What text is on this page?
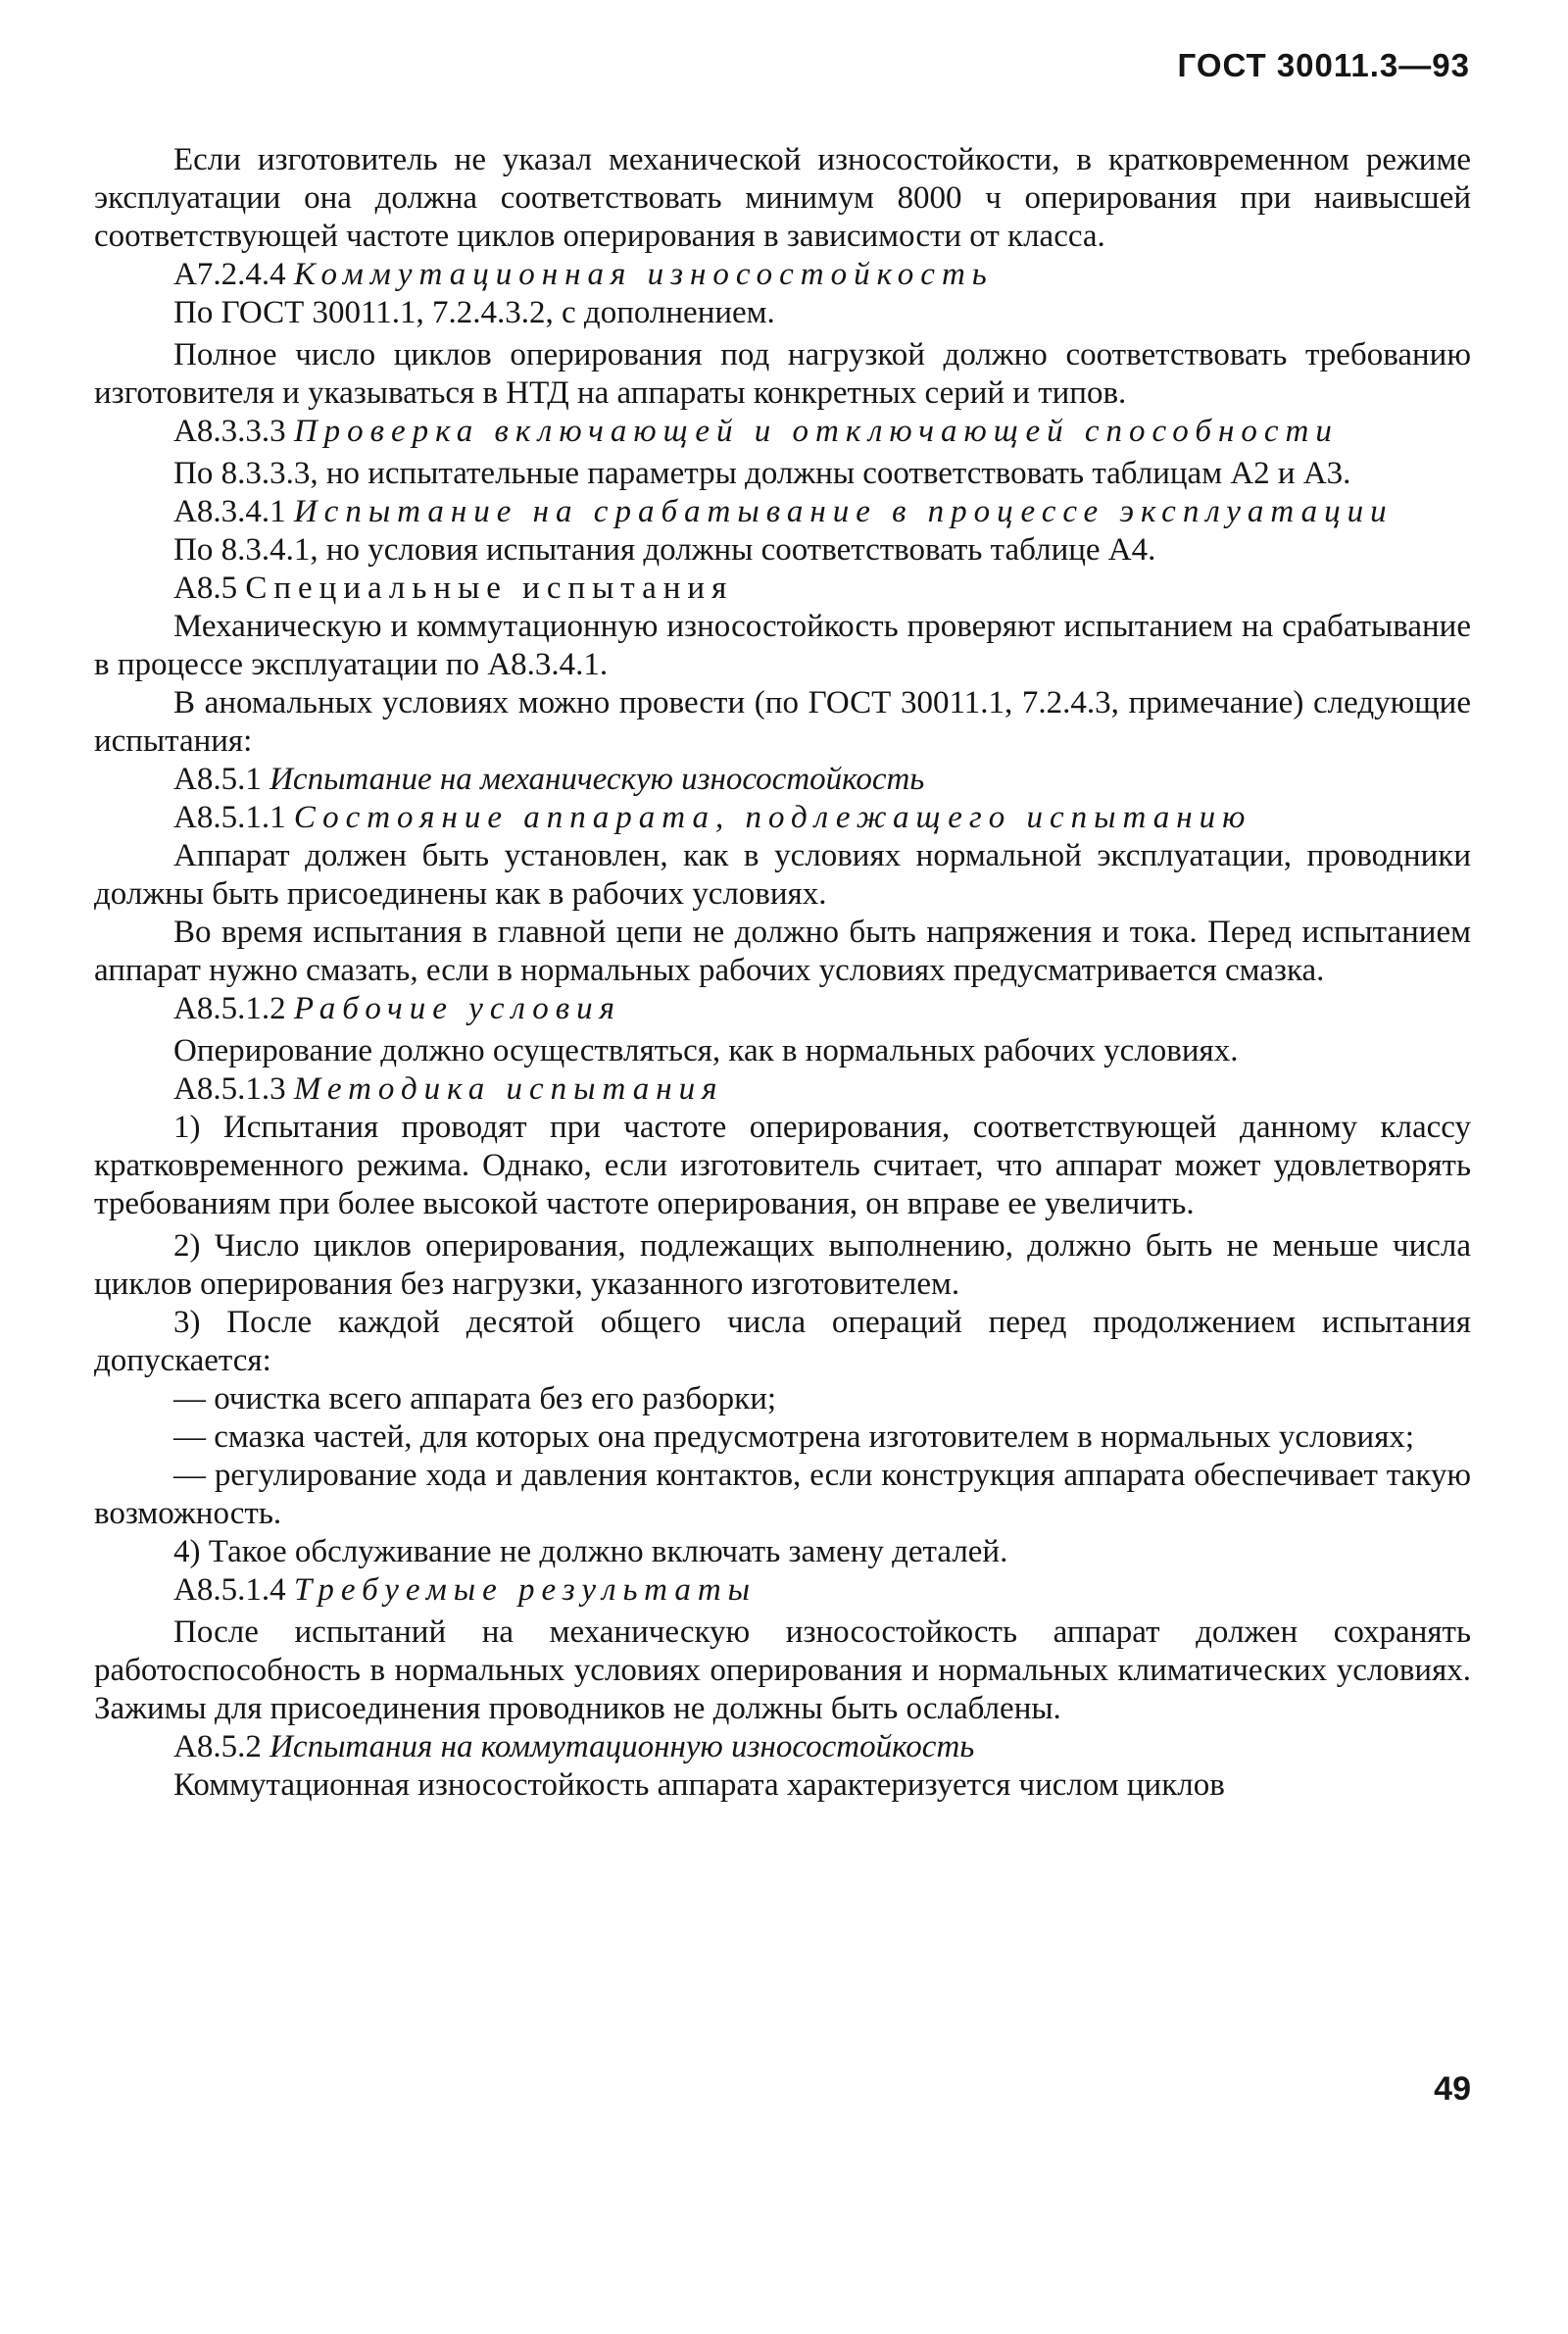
ГОСТ 30011.3—93

Если изготовитель не указал механической износостойкости, в кратковременном режиме эксплуатации она должна соответствовать минимум 8000 ч оперирования при наивысшей соответствующей частоте циклов оперирования в зависимости от класса.

А7.2.4.4 Коммутационная износостойкость

По ГОСТ 30011.1, 7.2.4.3.2, с дополнением.

Полное число циклов оперирования под нагрузкой должно соответствовать требованию изготовителя и указываться в НТД на аппараты конкретных серий и типов.

А8.3.3.3 Проверка включающей и отключающей способности

По 8.3.3.3, но испытательные параметры должны соответствовать таблицам А2 и А3.

А8.3.4.1 Испытание на срабатывание в процессе эксплуатации

По 8.3.4.1, но условия испытания должны соответствовать таблице А4.

А8.5 Специальные испытания

Механическую и коммутационную износостойкость проверяют испытанием на срабатывание в процессе эксплуатации по А8.3.4.1.

В аномальных условиях можно провести (по ГОСТ 30011.1, 7.2.4.3, примечание) следующие испытания:

А8.5.1 Испытание на механическую износостойкость

А8.5.1.1 Состояние аппарата, подлежащего испытанию

Аппарат должен быть установлен, как в условиях нормальной эксплуатации, проводники должны быть присоединены как в рабочих условиях.

Во время испытания в главной цепи не должно быть напряжения и тока. Перед испытанием аппарат нужно смазать, если в нормальных рабочих условиях предусматривается смазка.

А8.5.1.2 Рабочие условия

Оперирование должно осуществляться, как в нормальных рабочих условиях.

А8.5.1.3 Методика испытания

1) Испытания проводят при частоте оперирования, соответствующей данному классу кратковременного режима. Однако, если изготовитель считает, что аппарат может удовлетворять требованиям при более высокой частоте оперирования, он вправе ее увеличить.

2) Число циклов оперирования, подлежащих выполнению, должно быть не меньше числа циклов оперирования без нагрузки, указанного изготовителем.

3) После каждой десятой общего числа операций перед продолжением испытания допускается:

— очистка всего аппарата без его разборки;

— смазка частей, для которых она предусмотрена изготовителем в нормальных условиях;

— регулирование хода и давления контактов, если конструкция аппарата обеспечивает такую возможность.

4) Такое обслуживание не должно включать замену деталей.

А8.5.1.4 Требуемые результаты

После испытаний на механическую износостойкость аппарат должен сохранять работоспособность в нормальных условиях оперирования и нормальных климатических условиях. Зажимы для присоединения проводников не должны быть ослаблены.

А8.5.2 Испытания на коммутационную износостойкость

Коммутационная износостойкость аппарата характеризуется числом циклов

49
